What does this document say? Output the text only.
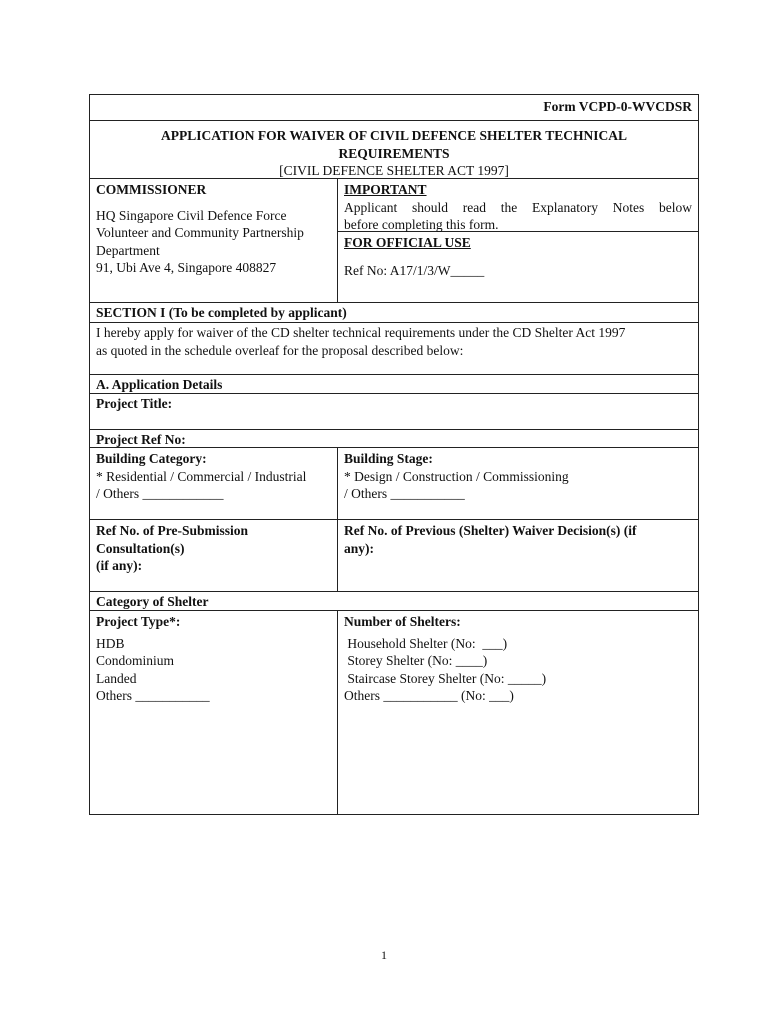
Form VCPD-0-WVCDSR
APPLICATION FOR WAIVER OF CIVIL DEFENCE SHELTER TECHNICAL
REQUIREMENTS
[CIVIL DEFENCE SHELTER ACT 1997]
COMMISSIONER
HQ Singapore Civil Defence Force
Volunteer and Community Partnership
Department
91, Ubi Ave 4, Singapore 408827
IMPORTANT
Applicant should read the Explanatory Notes below
before completing this form.
FOR OFFICIAL USE
Ref No: A17/1/3/W_____
SECTION I (To be completed by applicant)
I hereby apply for waiver of the CD shelter technical requirements under the CD Shelter Act 1997
as quoted in the schedule overleaf for the proposal described below:
A. Application Details
Project Title:
Project Ref No:
Building Category:
* Residential / Commercial / Industrial
/ Others ____________
Building Stage:
* Design / Construction / Commissioning
/ Others ___________
Ref No. of Pre-Submission
Consultation(s)
(if any):
Ref No. of Previous (Shelter) Waiver Decision(s) (if
any):
Category of Shelter
Project Type*:
HDB
Condominium
Landed
Others ___________
Number of Shelters:
Household Shelter (No:  ___)
Storey Shelter (No: ____)
Staircase Storey Shelter (No: _____)
Others ___________ (No: ___)
1
